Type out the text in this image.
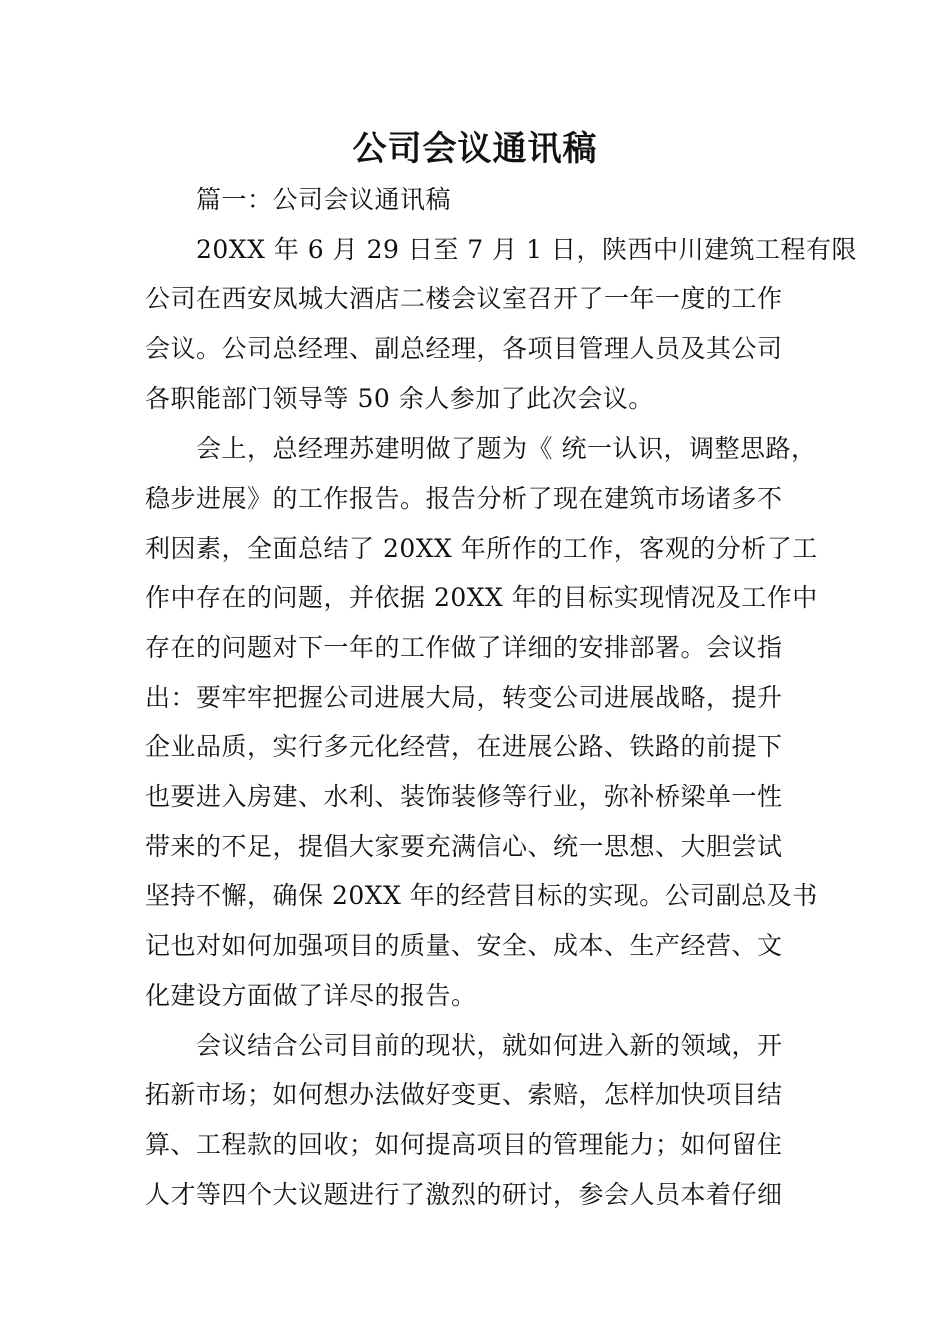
公司会议通讯稿
篇一：公司会议通讯稿
20XX 年 6 月 29 日至 7 月 1 日，陕西中川建筑工程有限
公司在西安凤城大酒店二楼会议室召开了一年一度的工作
会议。公司总经理、副总经理，各项目管理人员及其公司
各职能部门领导等 50 余人参加了此次会议。
会上，总经理苏建明做了题为《 统一认识，调整思路，
稳步进展》的工作报告。报告分析了现在建筑市场诸多不
利因素，全面总结了 20XX 年所作的工作，客观的分析了工
作中存在的问题，并依据 20XX 年的目标实现情况及工作中
存在的问题对下一年的工作做了详细的安排部署。会议指
出：要牢牢把握公司进展大局，转变公司进展战略，提升
企业品质，实行多元化经营，在进展公路、铁路的前提下
也要进入房建、水利、装饰装修等行业，弥补桥梁单一性
带来的不足，提倡大家要充满信心、统一思想、大胆尝试
坚持不懈，确保 20XX 年的经营目标的实现。公司副总及书
记也对如何加强项目的质量、安全、成本、生产经营、文
化建设方面做了详尽的报告。
会议结合公司目前的现状，就如何进入新的领域，开
拓新市场；如何想办法做好变更、索赔，怎样加快项目结
算、工程款的回收；如何提高项目的管理能力；如何留住
人才等四个大议题进行了激烈的研讨，参会人员本着仔细
